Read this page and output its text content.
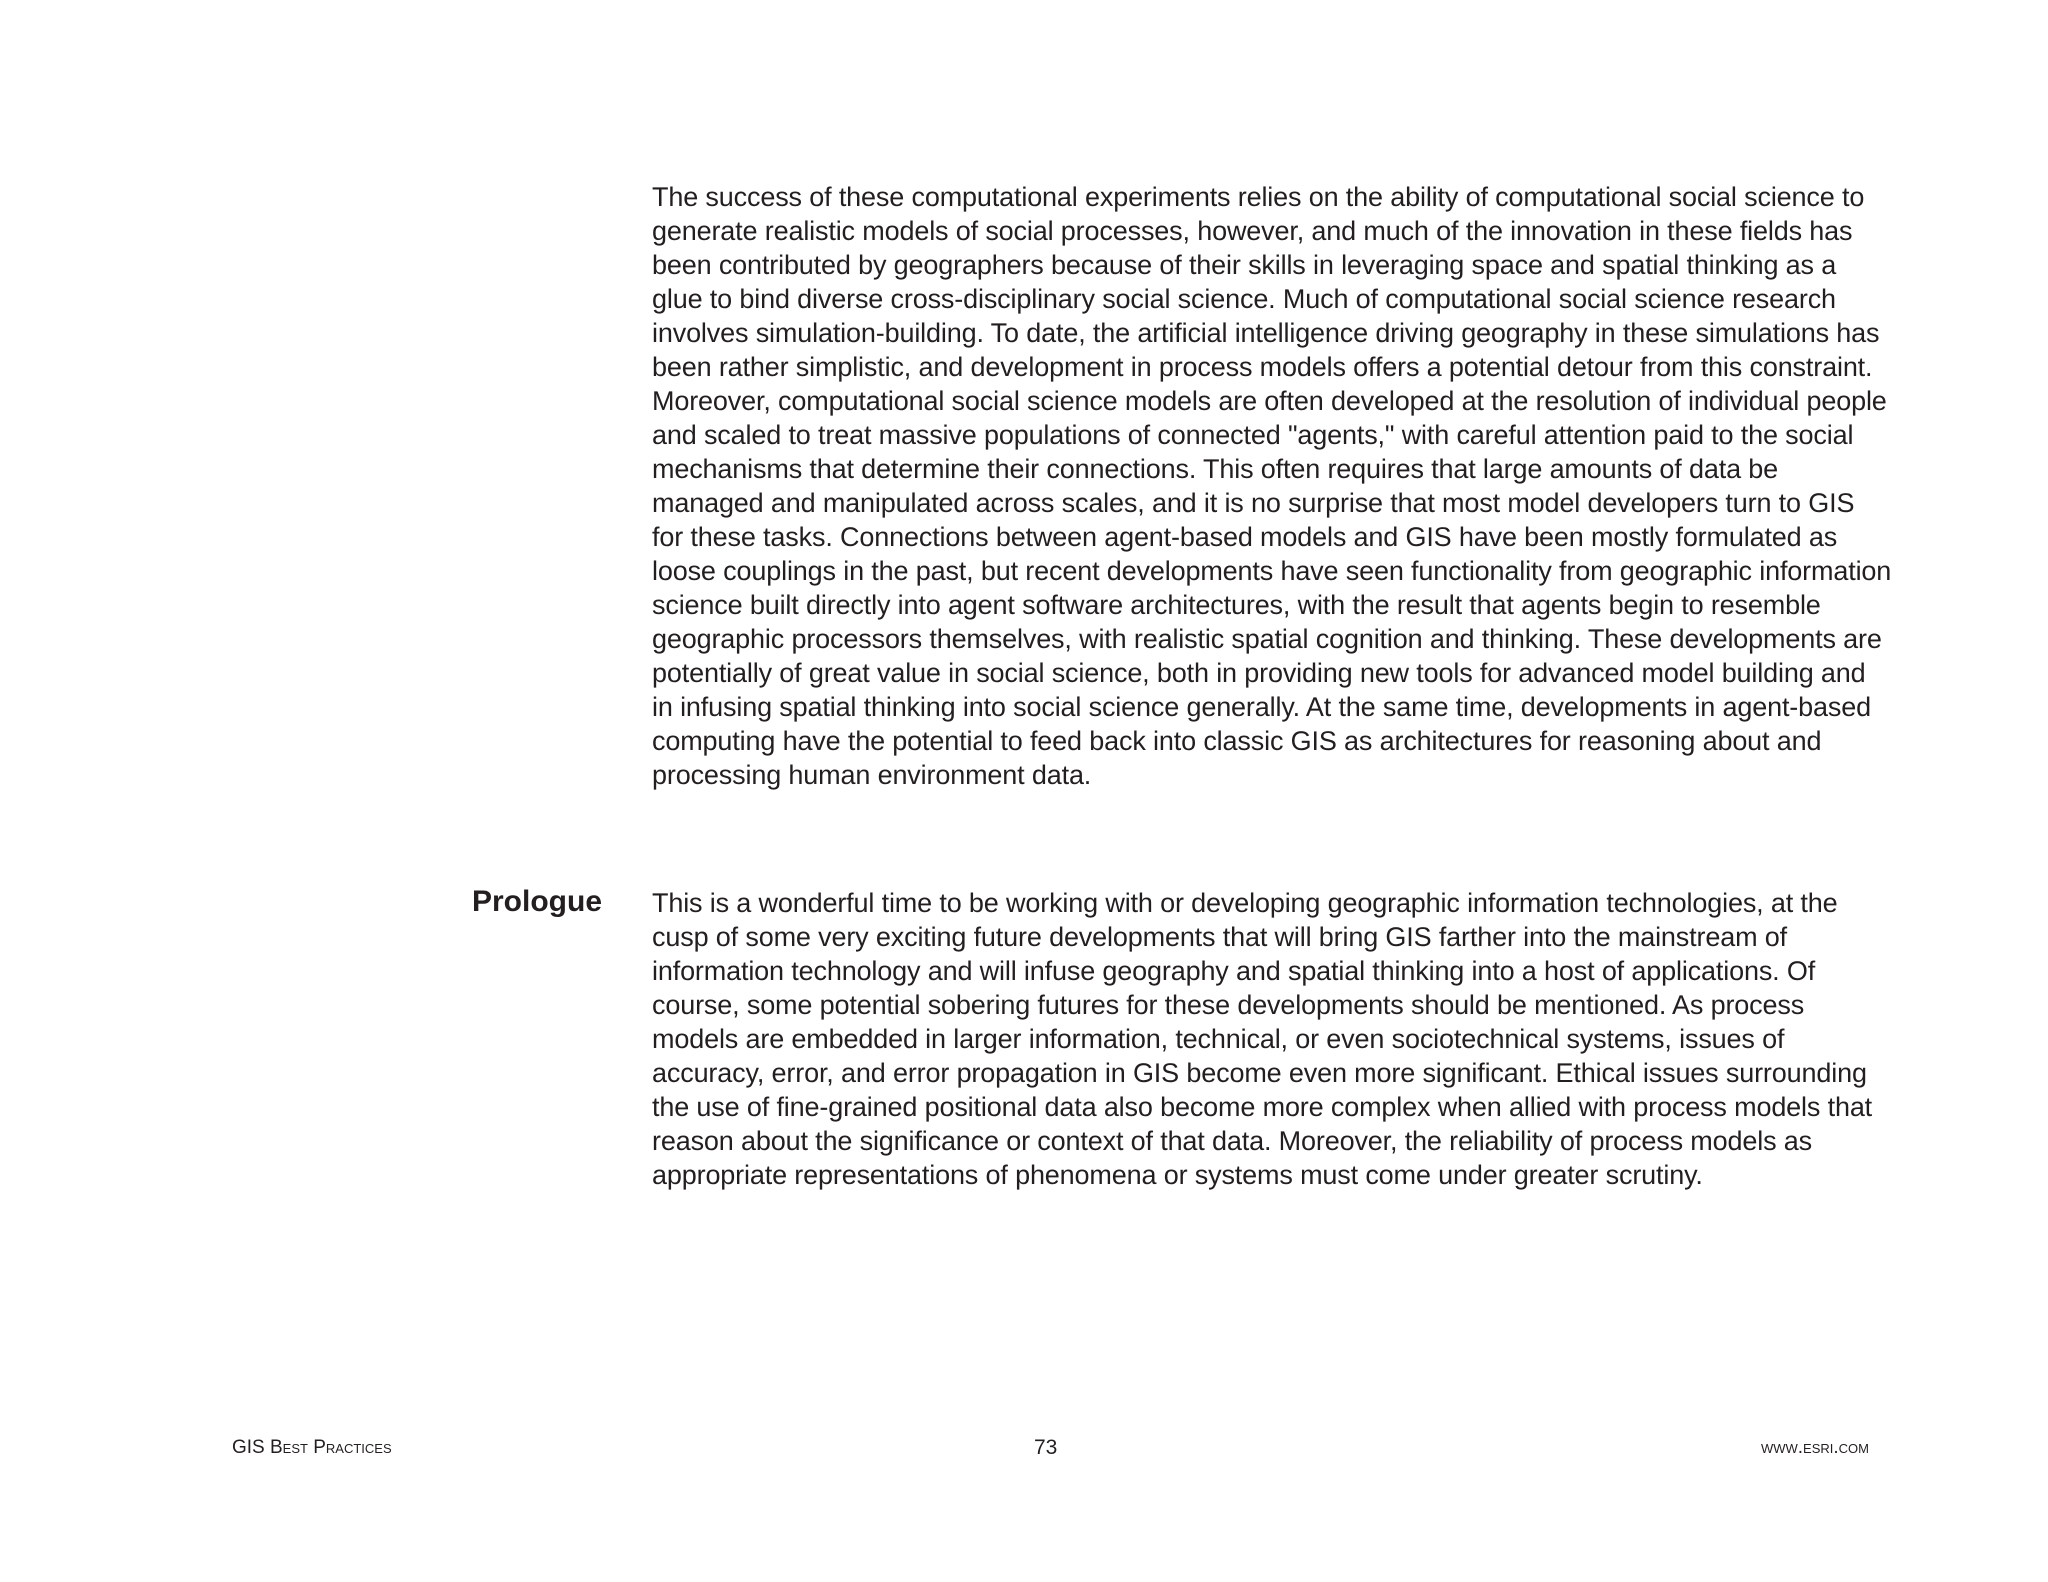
The success of these computational experiments relies on the ability of computational social science to generate realistic models of social processes, however, and much of the innovation in these fields has been contributed by geographers because of their skills in leveraging space and spatial thinking as a glue to bind diverse cross-disciplinary social science. Much of computational social science research involves simulation-building. To date, the artificial intelligence driving geography in these simulations has been rather simplistic, and development in process models offers a potential detour from this constraint. Moreover, computational social science models are often developed at the resolution of individual people and scaled to treat massive populations of connected "agents," with careful attention paid to the social mechanisms that determine their connections. This often requires that large amounts of data be managed and manipulated across scales, and it is no surprise that most model developers turn to GIS for these tasks. Connections between agent-based models and GIS have been mostly formulated as loose couplings in the past, but recent developments have seen functionality from geographic information science built directly into agent software architectures, with the result that agents begin to resemble geographic processors themselves, with realistic spatial cognition and thinking. These developments are potentially of great value in social science, both in providing new tools for advanced model building and in infusing spatial thinking into social science generally. At the same time, developments in agent-based computing have the potential to feed back into classic GIS as architectures for reasoning about and processing human environment data.

Prologue This is a wonderful time to be working with or developing geographic information technologies, at the cusp of some very exciting future developments that will bring GIS farther into the mainstream of information technology and will infuse geography and spatial thinking into a host of applications. Of course, some potential sobering futures for these developments should be mentioned. As process models are embedded in larger information, technical, or even sociotechnical systems, issues of accuracy, error, and error propagation in GIS become even more significant. Ethical issues surrounding the use of fine-grained positional data also become more complex when allied with process models that reason about the significance or context of that data. Moreover, the reliability of process models as appropriate representations of phenomena or systems must come under greater scrutiny.

GIS Best Practices	73	www.esri.com
